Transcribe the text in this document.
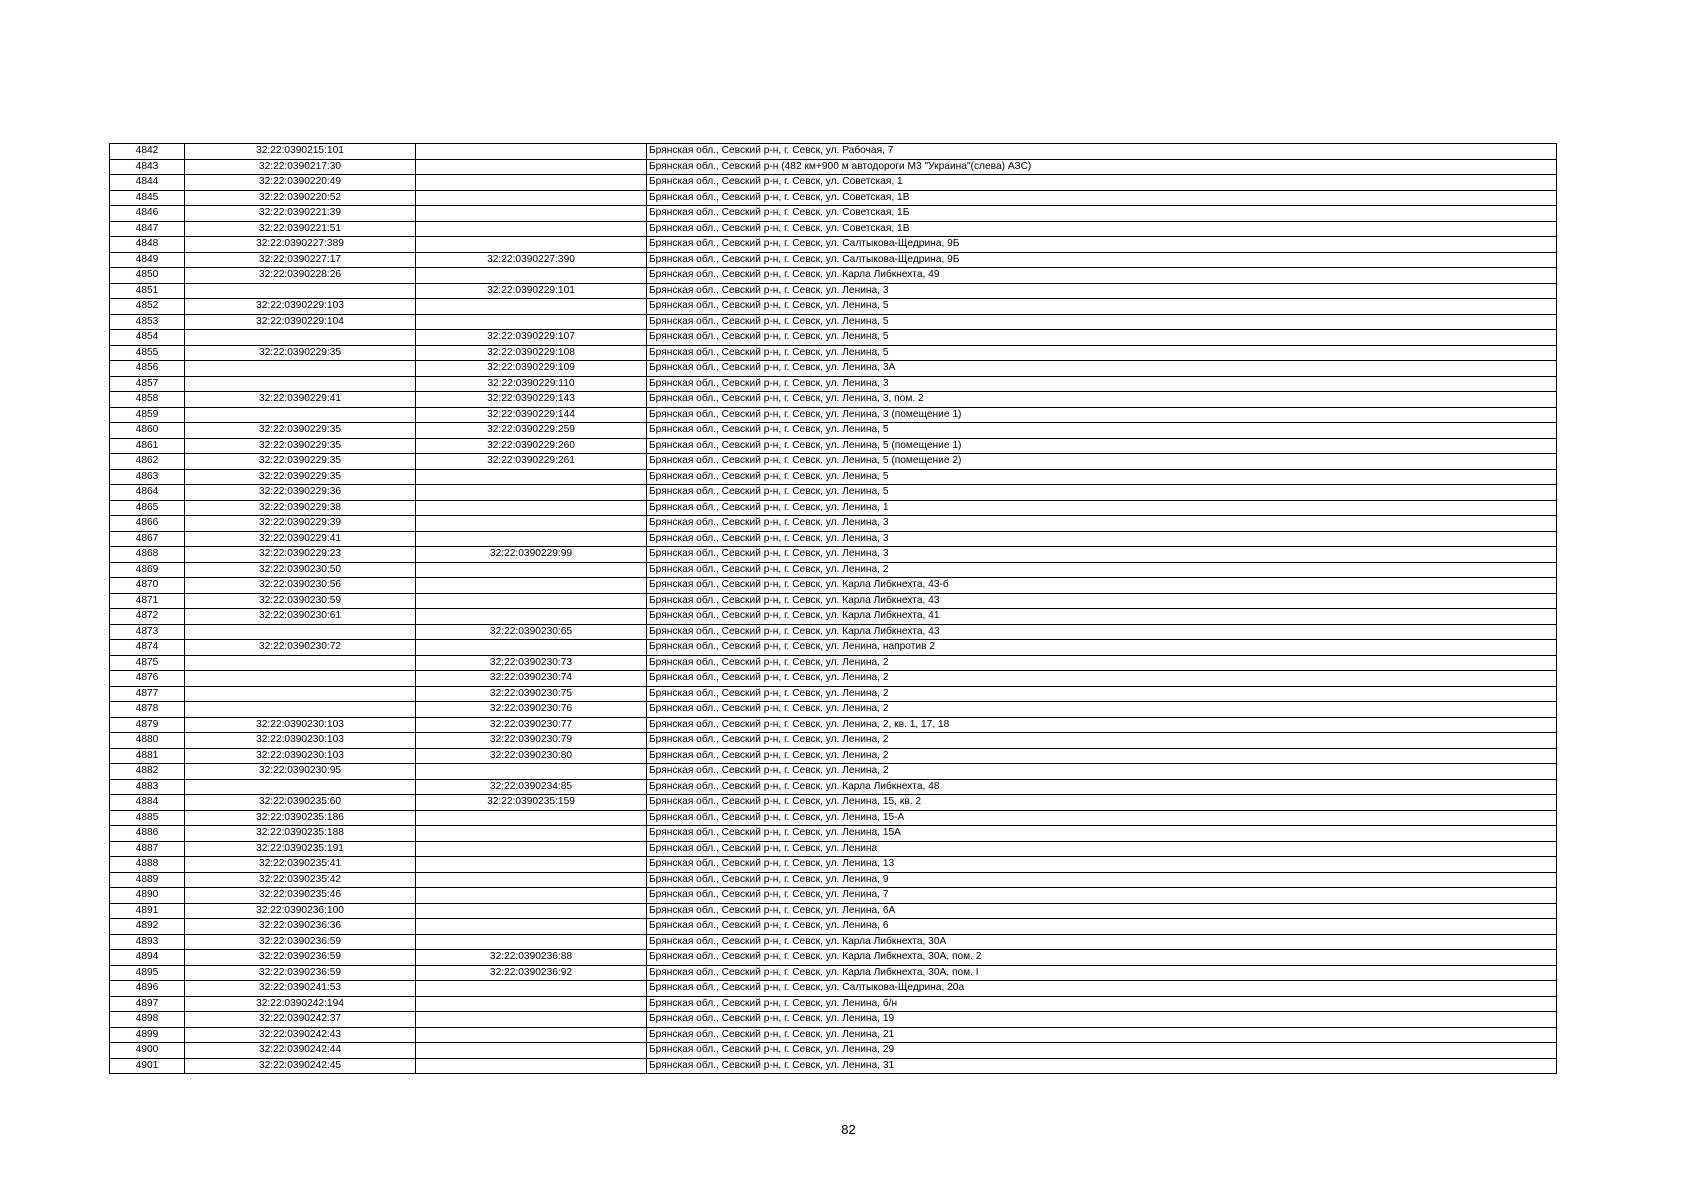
4842	32:22:0390215:101		Брянская обл., Севский р-н, г. Севск, ул. Рабочая, 7
4843	32:22:0390217:30		Брянская обл., Севский р-н (482 км+900 м автодороги М3 "Украина"(слева) АЗС)
4844	32:22:0390220:49		Брянская обл., Севский р-н, г. Севск, ул. Советская, 1
4845	32:22:0390220:52		Брянская обл., Севский р-н, г. Севск, ул. Советская, 1В
4846	32:22:0390221:39		Брянская обл., Севский р-н, г. Севск, ул. Советская, 1Б
4847	32:22:0390221:51		Брянская обл., Севский р-н, г. Севск, ул. Советская, 1В
4848	32:22:0390227:389		Брянская обл., Севский р-н, г. Севск, ул. Салтыкова-Щедрина, 9Б
4849	32:22:0390227:17	32:22:0390227:390	Брянская обл., Севский р-н, г. Севск, ул. Салтыкова-Щедрина, 9Б
4850	32:22:0390228:26		Брянская обл., Севский р-н, г. Севск, ул. Карла Либкнехта, 49
4851		32:22:0390229:101	Брянская обл., Севский р-н, г. Севск, ул. Ленина, 3
4852	32:22:0390229:103		Брянская обл., Севский р-н, г. Севск, ул. Ленина, 5
4853	32:22:0390229:104		Брянская обл., Севский р-н, г. Севск, ул. Ленина, 5
4854		32:22:0390229:107	Брянская обл., Севский р-н, г. Севск, ул. Ленина, 5
4855	32:22:0390229:35	32:22:0390229:108	Брянская обл., Севский р-н, г. Севск, ул. Ленина, 5
4856		32:22:0390229:109	Брянская обл., Севский р-н, г. Севск, ул. Ленина, 3А
4857		32:22:0390229:110	Брянская обл., Севский р-н, г. Севск, ул. Ленина, 3
4858	32:22:0390229:41	32:22:0390229:143	Брянская обл., Севский р-н, г. Севск, ул. Ленина, 3, пом. 2
4859		32:22:0390229:144	Брянская обл., Севский р-н, г. Севск, ул. Ленина, 3 (помещение 1)
4860	32:22:0390229:35	32:22:0390229:259	Брянская обл., Севский р-н, г. Севск, ул. Ленина, 5
4861	32:22:0390229:35	32:22:0390229:260	Брянская обл., Севский р-н, г. Севск, ул. Ленина, 5 (помещение 1)
4862	32:22:0390229:35	32:22:0390229:261	Брянская обл., Севский р-н, г. Севск, ул. Ленина, 5 (помещение 2)
4863	32:22:0390229:35		Брянская обл., Севский р-н, г. Севск, ул. Ленина, 5
4864	32:22:0390229:36		Брянская обл., Севский р-н, г. Севск, ул. Ленина, 5
4865	32:22:0390229:38		Брянская обл., Севский р-н, г. Севск, ул. Ленина, 1
4866	32:22:0390229:39		Брянская обл., Севский р-н, г. Севск, ул. Ленина, 3
4867	32:22:0390229:41		Брянская обл., Севский р-н, г. Севск, ул. Ленина, 3
4868	32:22:0390229:23	32:22:0390229:99	Брянская обл., Севский р-н, г. Севск, ул. Ленина, 3
4869	32:22:0390230:50		Брянская обл., Севский р-н, г. Севск, ул. Ленина, 2
4870	32:22:0390230:56		Брянская обл., Севский р-н, г. Севск, ул. Карла Либкнехта, 43-б
4871	32:22:0390230:59		Брянская обл., Севский р-н, г. Севск, ул. Карла Либкнехта, 43
4872	32:22:0390230:61		Брянская обл., Севский р-н, г. Севск, ул. Карла Либкнехта, 41
4873		32:22:0390230:65	Брянская обл., Севский р-н, г. Севск, ул. Карла Либкнехта, 43
4874	32:22:0390230:72		Брянская обл., Севский р-н, г. Севск, ул. Ленина, напротив 2
4875		32:22:0390230:73	Брянская обл., Севский р-н, г. Севск, ул. Ленина, 2
4876		32:22:0390230:74	Брянская обл., Севский р-н, г. Севск, ул. Ленина, 2
4877		32:22:0390230:75	Брянская обл., Севский р-н, г. Севск, ул. Ленина, 2
4878		32:22:0390230:76	Брянская обл., Севский р-н, г. Севск, ул. Ленина, 2
4879	32:22:0390230:103	32:22:0390230:77	Брянская обл., Севский р-н, г. Севск, ул. Ленина, 2, кв. 1, 17, 18
4880	32:22:0390230:103	32:22:0390230:79	Брянская обл., Севский р-н, г. Севск, ул. Ленина, 2
4881	32:22:0390230:103	32:22:0390230:80	Брянская обл., Севский р-н, г. Севск, ул. Ленина, 2
4882	32:22:0390230:95		Брянская обл., Севский р-н, г. Севск, ул. Ленина, 2
4883		32:22:0390234:85	Брянская обл., Севский р-н, г. Севск, ул. Карла Либкнехта, 48
4884	32:22:0390235:60	32:22:0390235:159	Брянская обл., Севский р-н, г. Севск, ул. Ленина, 15, кв. 2
4885	32:22:0390235:186		Брянская обл., Севский р-н, г. Севск, ул. Ленина, 15-А
4886	32:22:0390235:188		Брянская обл., Севский р-н, г. Севск, ул. Ленина, 15А
4887	32:22:0390235:191		Брянская обл., Севский р-н, г. Севск, ул. Ленина
4888	32:22:0390235:41		Брянская обл., Севский р-н, г. Севск, ул. Ленина, 13
4889	32:22:0390235:42		Брянская обл., Севский р-н, г. Севск, ул. Ленина, 9
4890	32:22:0390235:46		Брянская обл., Севский р-н, г. Севск, ул. Ленина, 7
4891	32:22:0390236:100		Брянская обл., Севский р-н, г. Севск, ул. Ленина, 6А
4892	32:22:0390236:36		Брянская обл., Севский р-н, г. Севск, ул. Ленина, 6
4893	32:22:0390236:59		Брянская обл., Севский р-н, г. Севск, ул. Карла Либкнехта, 30А
4894	32:22:0390236:59	32:22:0390236:88	Брянская обл., Севский р-н, г. Севск, ул. Карла Либкнехта, 30А, пом. 2
4895	32:22:0390236:59	32:22:0390236:92	Брянская обл., Севский р-н, г. Севск, ул. Карла Либкнехта, 30А, пом. I
4896	32:22:0390241:53		Брянская обл., Севский р-н, г. Севск, ул. Салтыкова-Щедрина, 20а
4897	32:22:0390242:194		Брянская обл., Севский р-н, г. Севск, ул. Ленина, б/н
4898	32:22:0390242:37		Брянская обл., Севский р-н, г. Севск, ул. Ленина, 19
4899	32:22:0390242:43		Брянская обл., Севский р-н, г. Севск, ул. Ленина, 21
4900	32:22:0390242:44		Брянская обл., Севский р-н, г. Севск, ул. Ленина, 29
4901	32:22:0390242:45		Брянская обл., Севский р-н, г. Севск, ул. Ленина, 31
82
